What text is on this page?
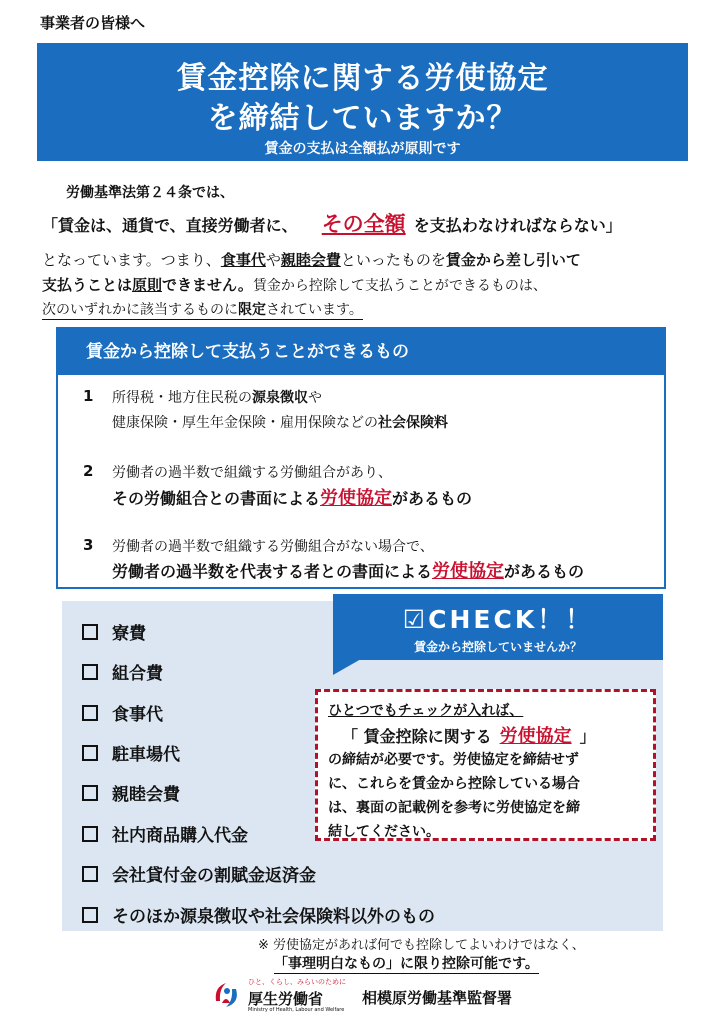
事業者の皆様へ
賃金控除に関する労使協定
を締結していますか？
賃金の支払は全額払が原則です
労働基準法第２４条では、
「賃金は、通貨で、直接労働者に、 その全額 を支払わなければならない」
となっています。つまり、食事代や親睦会費といったものを賃金から差し引いて
支払うことは原則できません。賃金から控除して支払うことができるものは、
次のいずれかに該当するものに限定されています。
賃金から控除して支払うことができるもの
1 所得税・地方住民税の源泉徴収や
健康保険・厚生年金保険・雇用保険などの社会保険料
2 労働者の過半数で組織する労働組合があり、
その労働組合との書面による労使協定があるもの
3 労働者の過半数で組織する労働組合がない場合で、
労働者の過半数を代表する者との書面による労使協定があるもの
寮費
組合費
食事代
駐車場代
親睦会費
社内商品購入代金
会社貸付金の割賦金返済金
そのほか源泉徴収や社会保険料以外のもの
☑CHECK！！
賃金から控除していませんか？
ひとつでもチェックが入れば、
「 賃金控除に関する 労使協定 」
の締結が必要です。労使協定を締結せず
に、これらを賃金から控除している場合
は、裏面の記載例を参考に労使協定を締
結してください。
※ 労使協定があれば何でも控除してよいわけではなく、
「事理明白なもの」に限り控除可能です。
ひと、くらし、みらいのために
厚生労働省
Ministry of Health, Labour and Welfare
相模原労働基準監督署
